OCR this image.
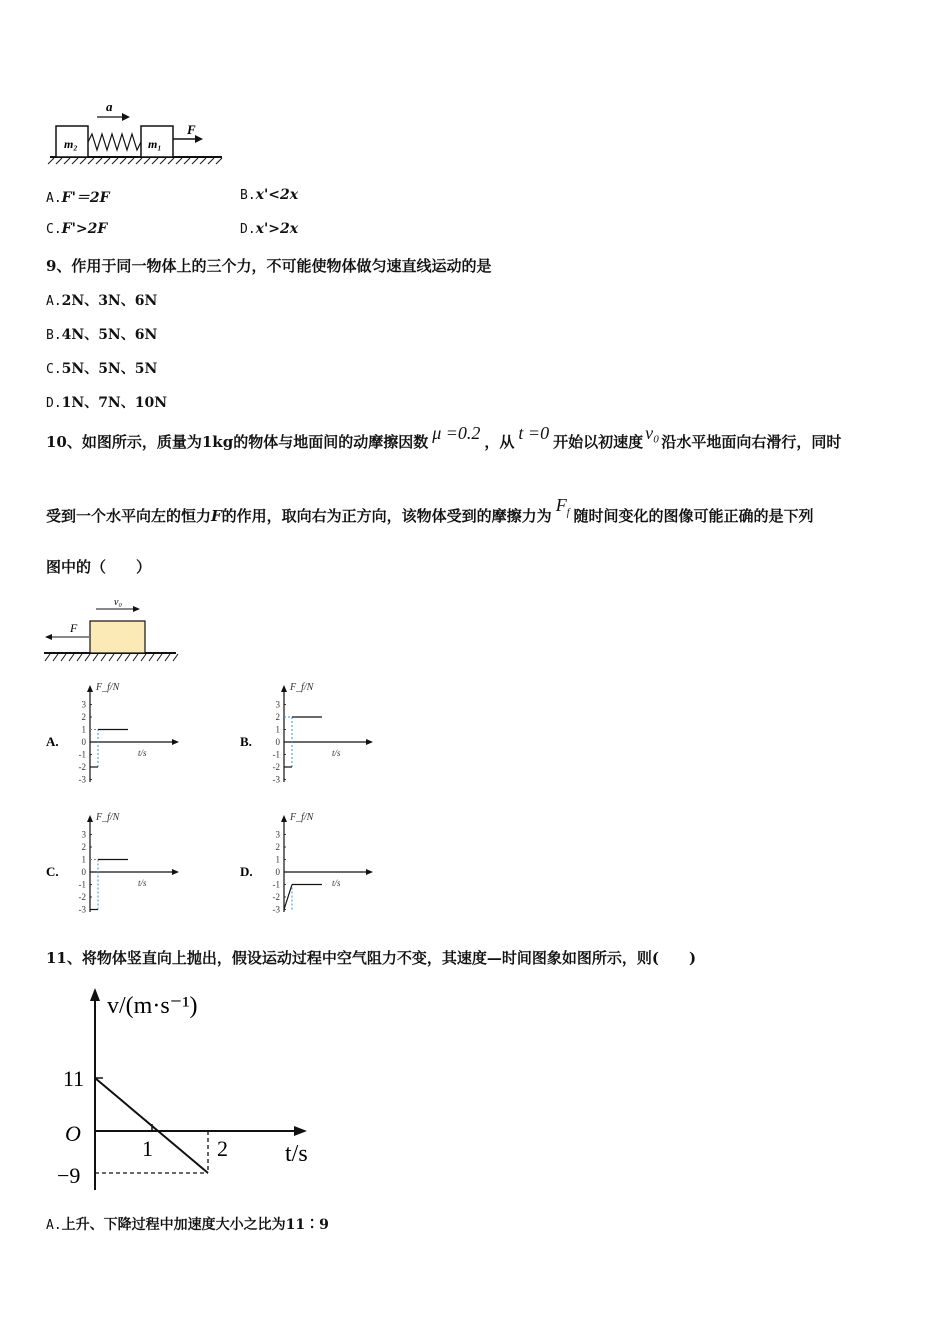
m₂	m₁
F
a
A.F'＝2F	B.x'<2x
C.F'>2F	D.x'>2x
9、作用于同一物体上的三个力，不可能使物体做匀速直线运动的是
A.2N、3N、6N
B.4N、5N、6N
C.5N、5N、5N
D.1N、7N、10N
10、如图所示，质量为1kg的物体与地面间的动摩擦因数 μ =0.2 ，从 t =0 开始以初速度 v₀ 沿水平地面向右滑行，同时
受到一个水平向左的恒力F的作用，取向右为正方向，该物体受到的摩擦力为$F_f$ 随时间变化的图像可能正确的是下列
图中的（　　）
v₀
F
A.
F_f/N
t/s
3
2
1
0
-1
-2
-3
B.
F_f/N
t/s
3
2
1
0
-1
-2
-3
C.
F_f/N
t/s
3
2
1
0
-1
-2
-3
D.
F_f/N
t/s
3
2
1
0
-1
-2
-3
11、将物体竖直向上抛出，假设运动过程中空气阻力不变，其速度—时间图象如图所示，则(　　)
v/(m·s⁻¹)
11
O
−9
1	2 t/s
A.上升、下降过程中加速度大小之比为11∶9
